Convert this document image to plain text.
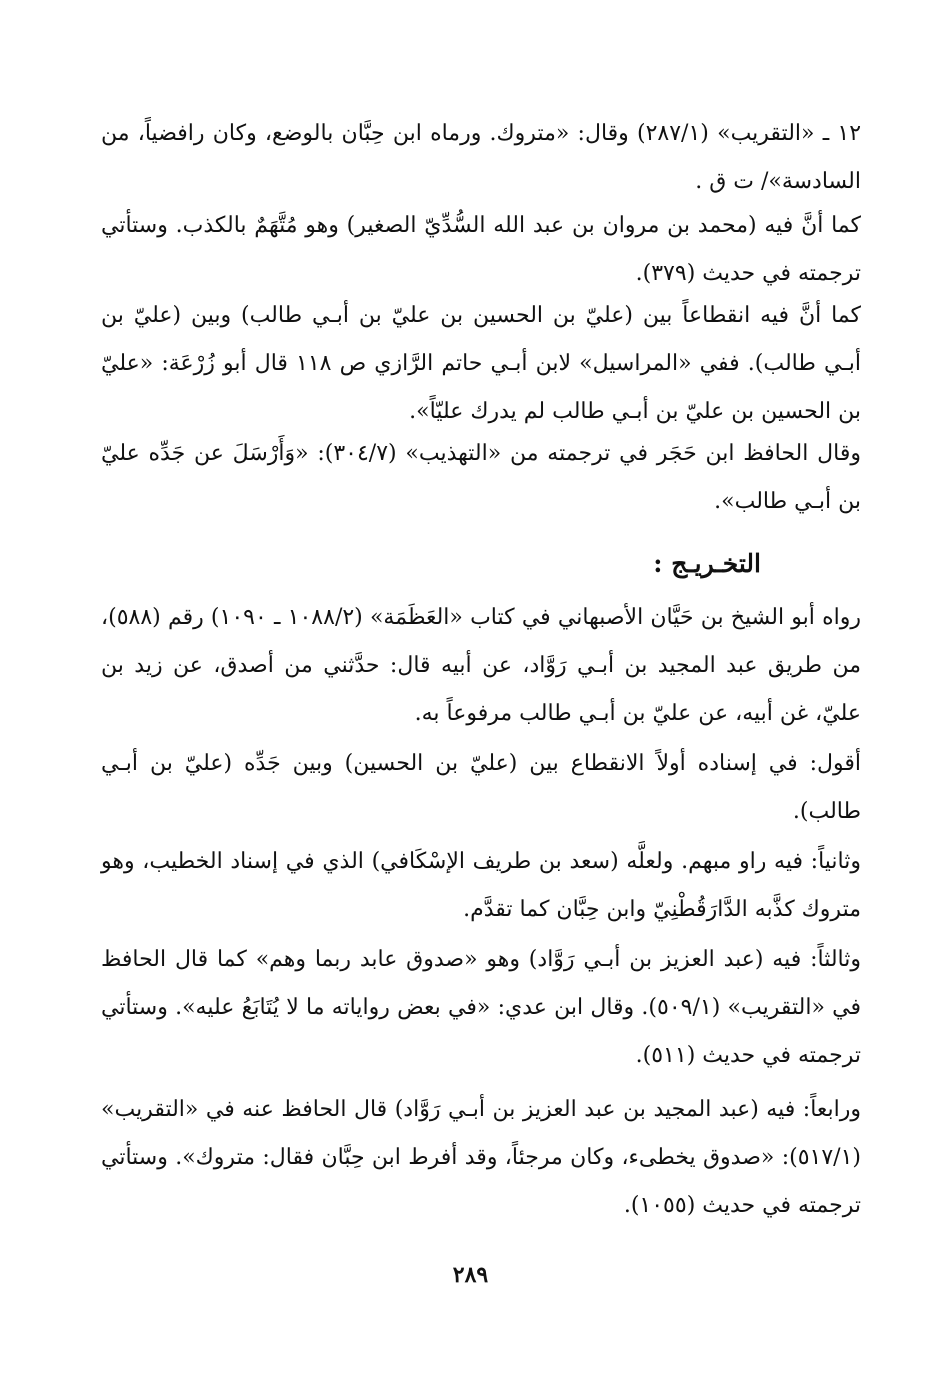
١٢ ـ «التقريب» (٢٨٧/١) وقال: «متروك. ورماه ابن حِبَّان بالوضع، وكان رافضياً، من السادسة»/ ت ق .

كما أنَّ فيه (محمد بن مروان بن عبد الله السُّدِّيّ الصغير) وهو مُتَّهَمٌ بالكذب. وستأتي ترجمته في حديث (٣٧٩).

كما أنَّ فيه انقطاعاً بين (عليّ بن الحسين بن عليّ بن أبـي طالب) وبين (عليّ بن أبـي طالب). ففي «المراسيل» لابن أبـي حاتم الرَّازي ص ١١٨ قال أبو زُرْعَة: «عليّ بن الحسين بن عليّ بن أبـي طالب لم يدرك عليّاً».

وقال الحافظ ابن حَجَر في ترجمته من «التهذيب» (٣٠٤/٧): «وَأَرْسَلَ عن جَدِّه عليّ بن أبـي طالب».

التخـريـج :

رواه أبو الشيخ بن حَيَّان الأصبهاني في كتاب «العَظَمَة» (١٠٨٨/٢ ـ ١٠٩٠) رقم (٥٨٨)، من طريق عبد المجيد بن أبـي رَوَّاد، عن أبيه قال: حدَّثني من أصدق، عن زيد بن عليّ، غن أبيه، عن عليّ بن أبـي طالب مرفوعاً به.

أقول: في إسناده أولاً الانقطاع بين (عليّ بن الحسين) وبين جَدِّه (عليّ بن أبـي طالب).

وثانياً: فيه راو مبهم. ولعلَّه (سعد بن طريف الإسْكَافي) الذي في إسناد الخطيب، وهو متروك كذَّبه الدَّارَقُطْنِيّ وابن حِبَّان كما تقدَّم.

وثالثاً: فيه (عبد العزيز بن أبـي رَوَّاد) وهو «صدوق عابد ربما وهم» كما قال الحافظ في «التقريب» (٥٠٩/١). وقال ابن عدي: «في بعض رواياته ما لا يُتَابَعُ عليه». وستأتي ترجمته في حديث (٥١١).

ورابعاً: فيه (عبد المجيد بن عبد العزيز بن أبـي رَوَّاد) قال الحافظ عنه في «التقريب» (٥١٧/١): «صدوق يخطىء، وكان مرجئاً، وقد أفرط ابن حِبَّان فقال: متروك». وستأتي ترجمته في حديث (١٠٥٥).

٢٨٩
